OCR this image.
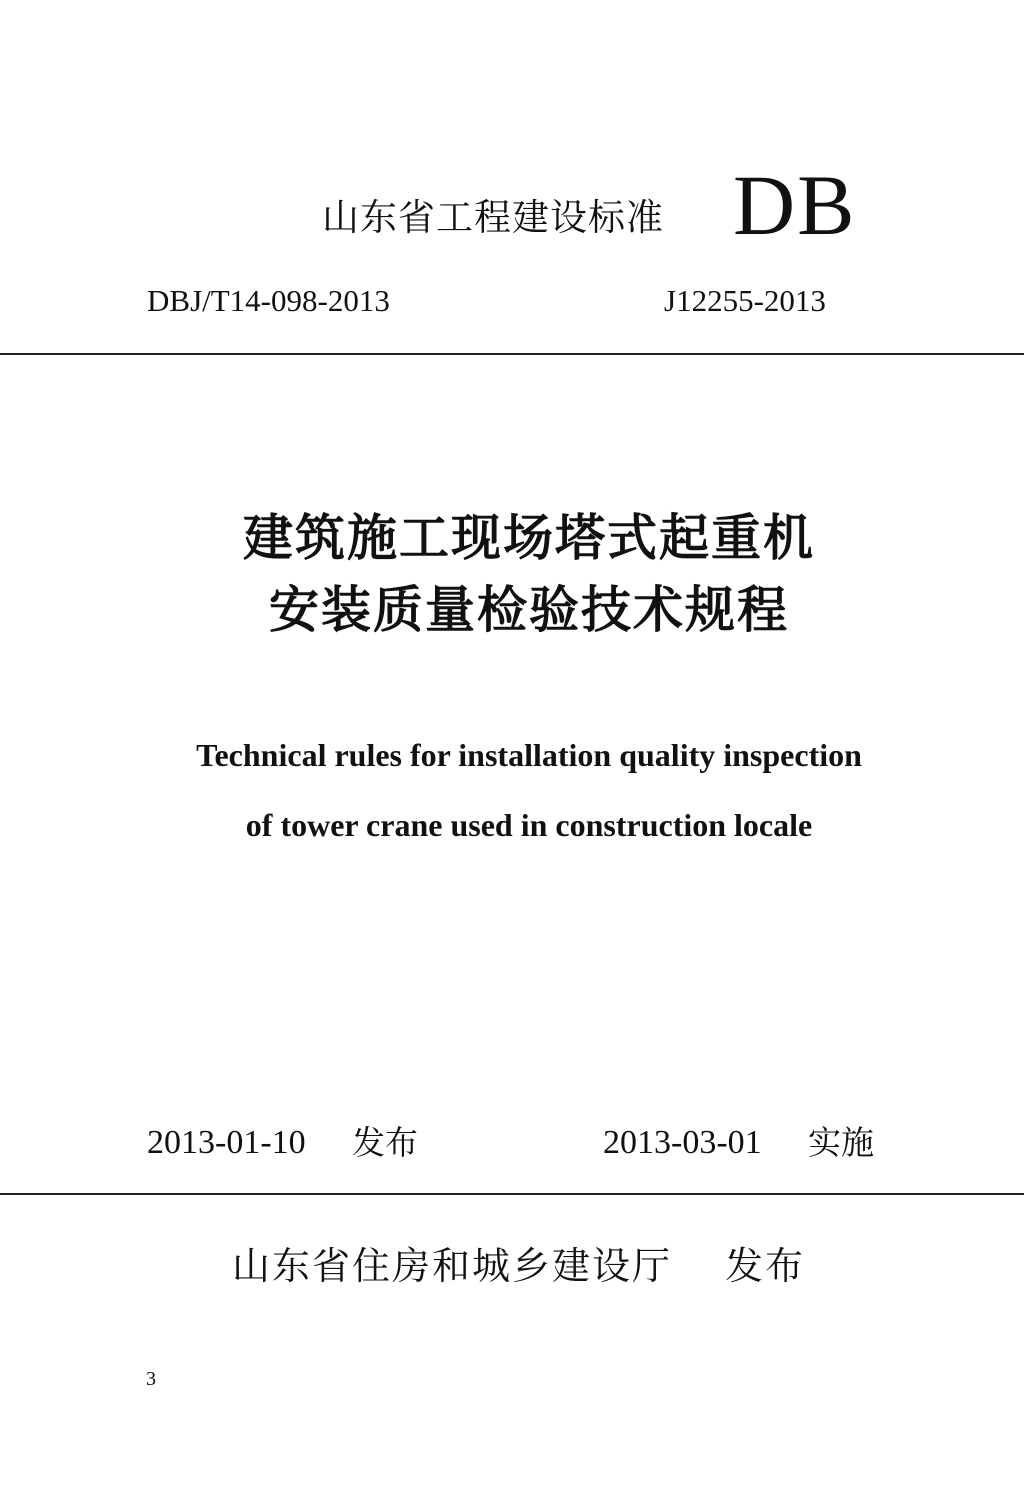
山东省工程建设标准 DB
DBJ/T14-098-2013	J12255-2013
建筑施工现场塔式起重机
安装质量检验技术规程
Technical rules for installation quality inspection
of tower crane used in construction locale
2013-01-10 发布	2013-03-01 实施
山东省住房和城乡建设厅 发布
3
